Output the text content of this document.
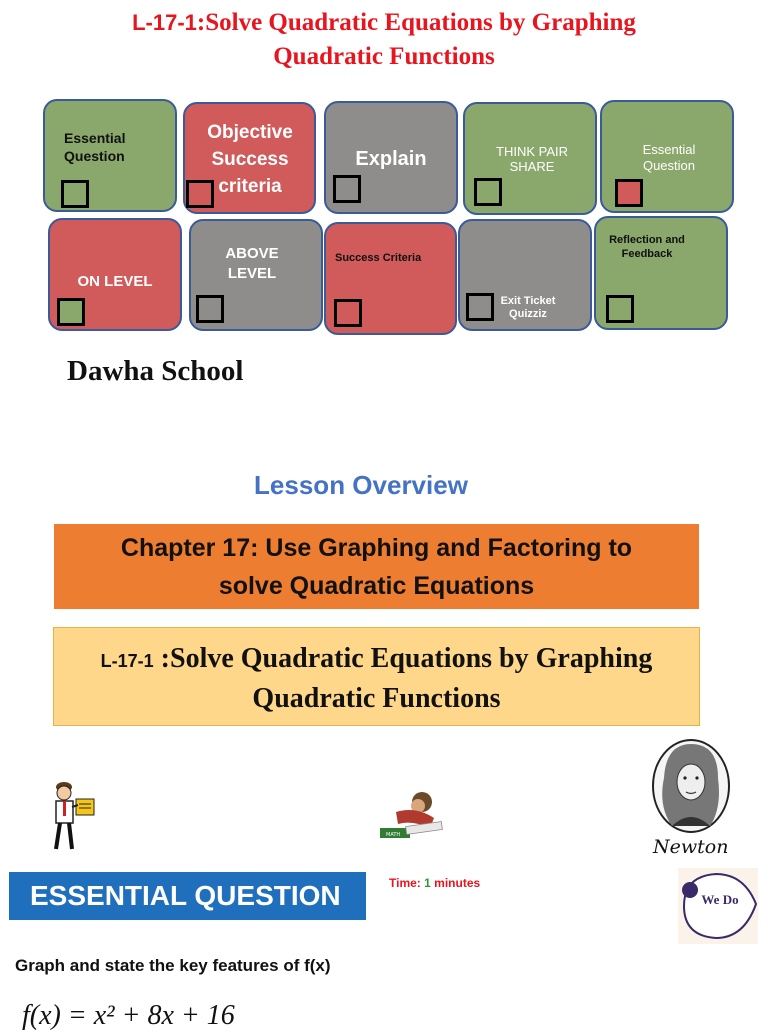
L-17-1:Solve Quadratic Equations by Graphing
Quadratic Functions
Essential Question
Objective Success criteria
Explain	THINK PAIR SHARE
Essential Question
ON LEVEL
ABOVE LEVEL
Success Criteria
Exit Ticket Quizziz
Reflection and Feedback
Dawha School
Lesson Overview
Chapter 17: Use Graphing and Factoring to
solve Quadratic Equations
L-17-1 :Solve Quadratic Equations by Graphing
Quadratic Functions
MATH
Newton
ESSENTIAL QUESTION	Time: 1 minutes
We Do
Graph and state the key features of f(x)
f(x) = x² + 8x + 16
